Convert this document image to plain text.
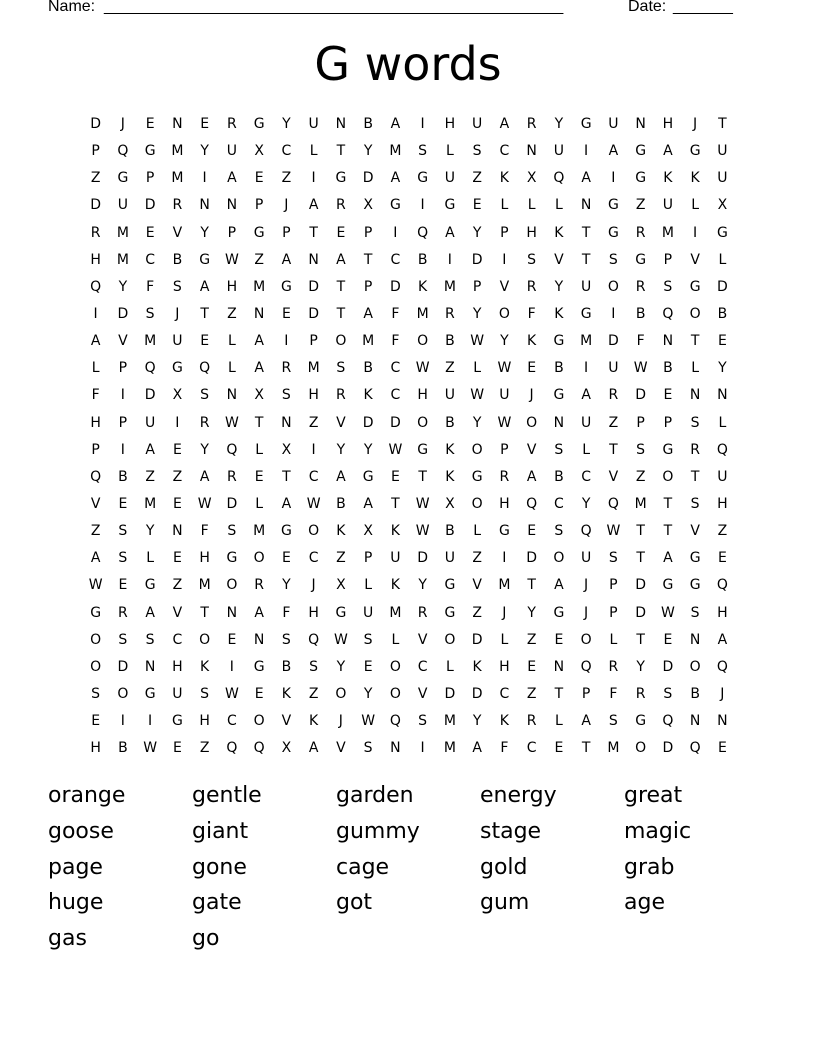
Name: ______________________________________________________	Date: _______
G words
D	J	E	N	E	R	G	Y	U	N	B	A	I	H	U	A	R	Y	G	U	N	H	J	T
P	Q	G	M	Y	U	X	C	L	T	Y	M	S	L	S	C	N	U	I	A	G	A	G	U
Z	G	P	M	I	A	E	Z	I	G	D	A	G	U	Z	K	X	Q	A	I	G	K	K	U
D	U	D	R	N	N	P	J	A	R	X	G	I	G	E	L	L	L	N	G	Z	U	L	X
R	M	E	V	Y	P	G	P	T	E	P	I	Q	A	Y	P	H	K	T	G	R	M	I	G
H	M	C	B	G	W	Z	A	N	A	T	C	B	I	D	I	S	V	T	S	G	P	V	L
Q	Y	F	S	A	H	M	G	D	T	P	D	K	M	P	V	R	Y	U	O	R	S	G	D
I	D	S	J	T	Z	N	E	D	T	A	F	M	R	Y	O	F	K	G	I	B	Q	O	B
A	V	M	U	E	L	A	I	P	O	M	F	O	B	W	Y	K	G	M	D	F	N	T	E
L	P	Q	G	Q	L	A	R	M	S	B	C	W	Z	L	W	E	B	I	U	W	B	L	Y
F	I	D	X	S	N	X	S	H	R	K	C	H	U	W	U	J	G	A	R	D	E	N	N
H	P	U	I	R	W	T	N	Z	V	D	D	O	B	Y	W	O	N	U	Z	P	P	S	L
P	I	A	E	Y	Q	L	X	I	Y	Y	W	G	K	O	P	V	S	L	T	S	G	R	Q
Q	B	Z	Z	A	R	E	T	C	A	G	E	T	K	G	R	A	B	C	V	Z	O	T	U
V	E	M	E	W	D	L	A	W	B	A	T	W	X	O	H	Q	C	Y	Q	M	T	S	H
Z	S	Y	N	F	S	M	G	O	K	X	K	W	B	L	G	E	S	Q	W	T	T	V	Z
A	S	L	E	H	G	O	E	C	Z	P	U	D	U	Z	I	D	O	U	S	T	A	G	E
W	E	G	Z	M	O	R	Y	J	X	L	K	Y	G	V	M	T	A	J	P	D	G	G	Q
G	R	A	V	T	N	A	F	H	G	U	M	R	G	Z	J	Y	G	J	P	D	W	S	H
O	S	S	C	O	E	N	S	Q	W	S	L	V	O	D	L	Z	E	O	L	T	E	N	A
O	D	N	H	K	I	G	B	S	Y	E	O	C	L	K	H	E	N	Q	R	Y	D	O	Q
S	O	G	U	S	W	E	K	Z	O	Y	O	V	D	D	C	Z	T	P	F	R	S	B	J
E	I	I	G	H	C	O	V	K	J	W	Q	S	M	Y	K	R	L	A	S	G	Q	N	N
H	B	W	E	Z	Q	Q	X	A	V	S	N	I	M	A	F	C	E	T	M	O	D	Q	E
orange	gentle	garden	energy	great
goose	giant	gummy	stage	magic
page	gone	cage	gold	grab
huge	gate	got	gum	age
gas	go
